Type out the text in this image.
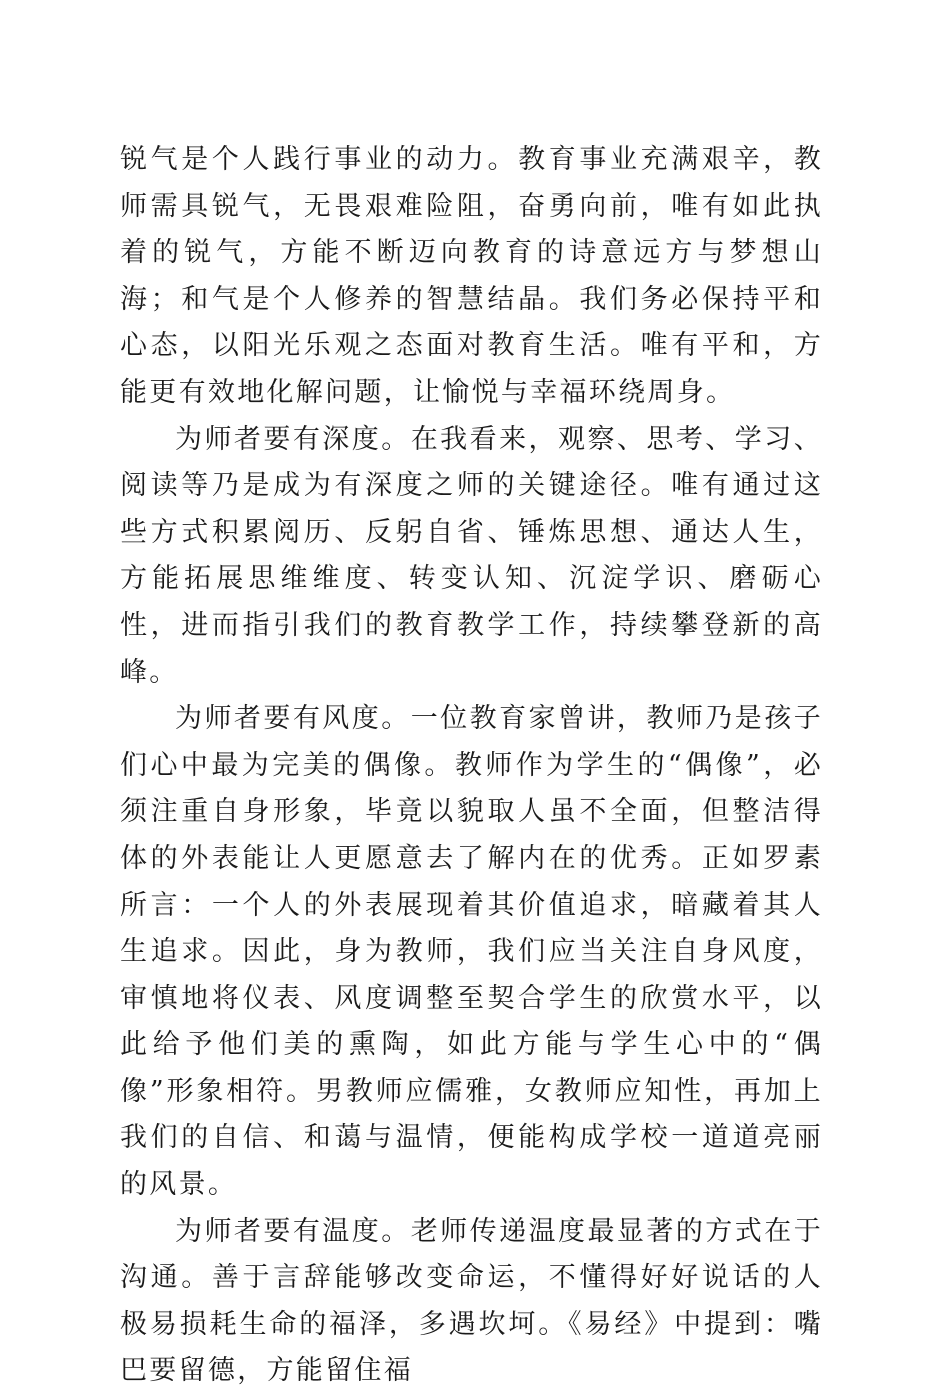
锐气是个人践行事业的动力。教育事业充满艰辛，教师需具锐气，无畏艰难险阻，奋勇向前，唯有如此执着的锐气，方能不断迈向教育的诗意远方与梦想山海；和气是个人修养的智慧结晶。我们务必保持平和心态，以阳光乐观之态面对教育生活。唯有平和，方能更有效地化解问题，让愉悦与幸福环绕周身。

为师者要有深度。在我看来，观察、思考、学习、阅读等乃是成为有深度之师的关键途径。唯有通过这些方式积累阅历、反躬自省、锤炼思想、通达人生，方能拓展思维维度、转变认知、沉淀学识、磨砺心性，进而指引我们的教育教学工作，持续攀登新的高峰。

为师者要有风度。一位教育家曾讲，教师乃是孩子们心中最为完美的偶像。教师作为学生的“偶像”，必须注重自身形象，毕竟以貌取人虽不全面，但整洁得体的外表能让人更愿意去了解内在的优秀。正如罗素所言：一个人的外表展现着其价值追求，暗藏着其人生追求。因此，身为教师，我们应当关注自身风度，审慎地将仪表、风度调整至契合学生的欣赏水平，以此给予他们美的熏陶，如此方能与学生心中的“偶像”形象相符。男教师应儒雅，女教师应知性，再加上我们的自信、和蔼与温情，便能构成学校一道道亮丽的风景。

为师者要有温度。老师传递温度最显著的方式在于沟通。善于言辞能够改变命运，不懂得好好说话的人极易损耗生命的福泽，多遇坎坷。《易经》中提到：嘴巴要留德，方能留住福
